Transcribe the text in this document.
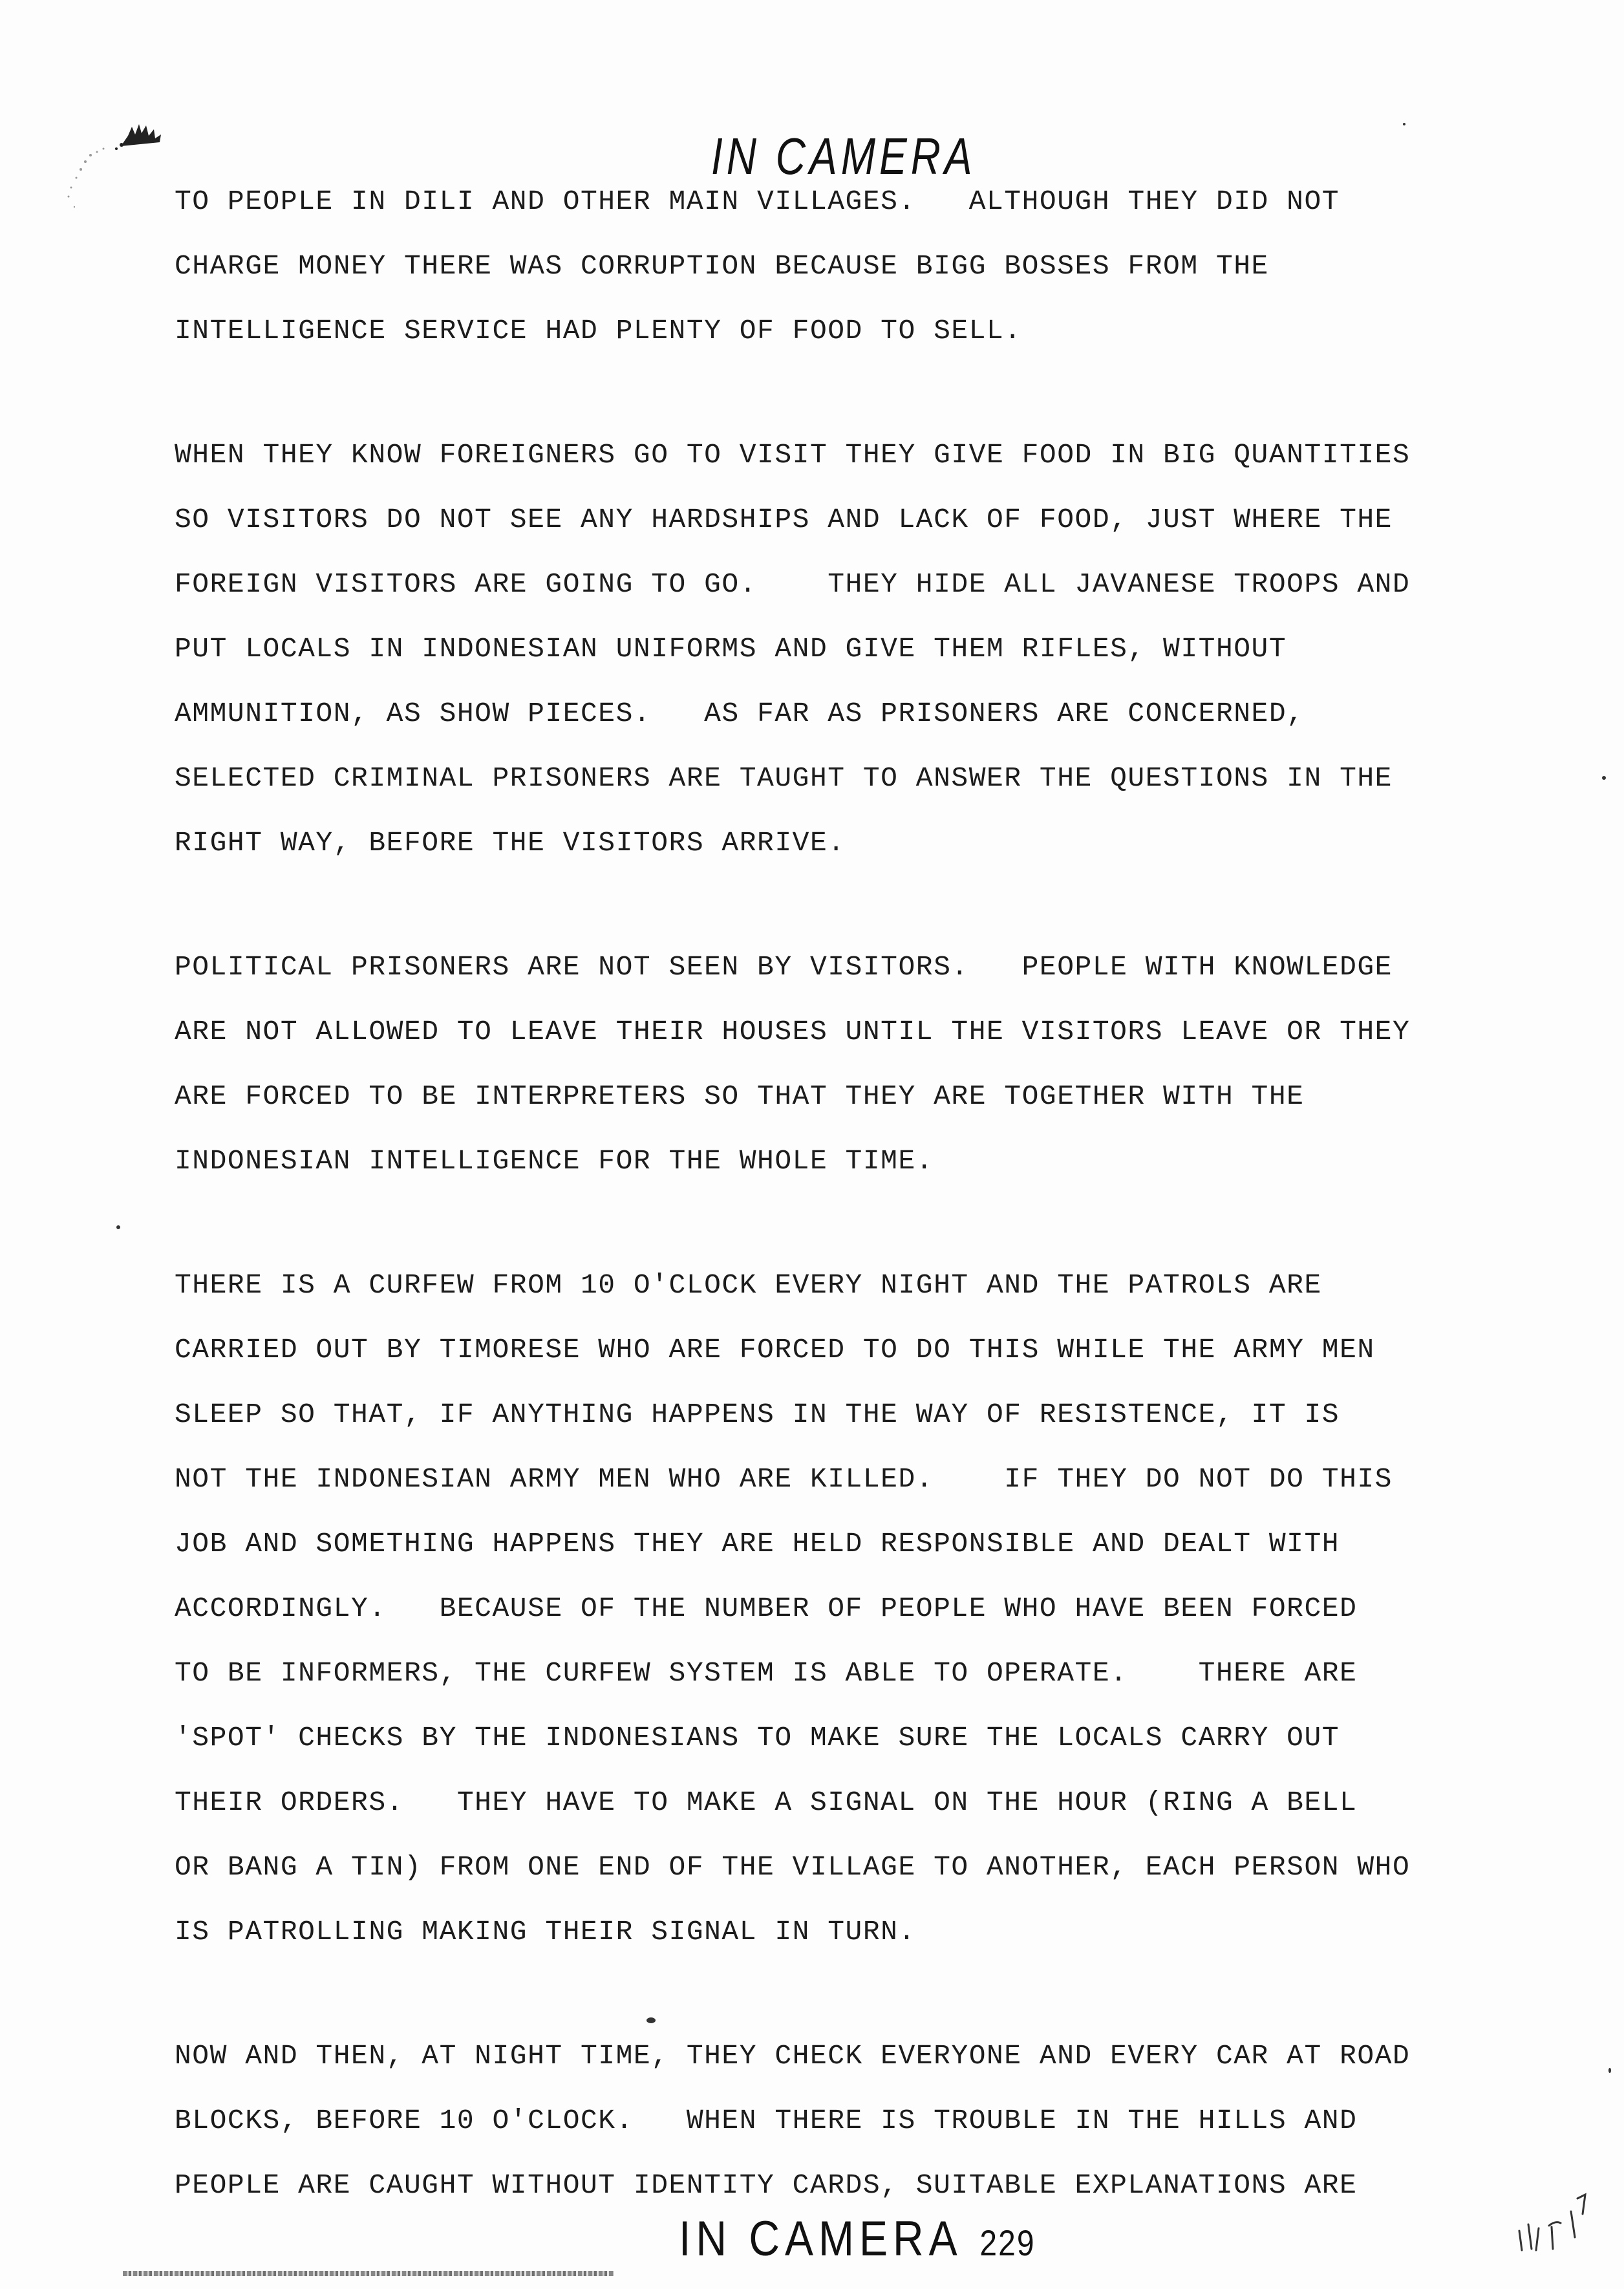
IN CAMERA
TO PEOPLE IN DILI AND OTHER MAIN VILLAGES.   ALTHOUGH THEY DID NOT
CHARGE MONEY THERE WAS CORRUPTION BECAUSE BIGG BOSSES FROM THE
INTELLIGENCE SERVICE HAD PLENTY OF FOOD TO SELL.
WHEN THEY KNOW FOREIGNERS GO TO VISIT THEY GIVE FOOD IN BIG QUANTITIES
SO VISITORS DO NOT SEE ANY HARDSHIPS AND LACK OF FOOD, JUST WHERE THE
FOREIGN VISITORS ARE GOING TO GO.    THEY HIDE ALL JAVANESE TROOPS AND
PUT LOCALS IN INDONESIAN UNIFORMS AND GIVE THEM RIFLES, WITHOUT
AMMUNITION, AS SHOW PIECES.   AS FAR AS PRISONERS ARE CONCERNED,
SELECTED CRIMINAL PRISONERS ARE TAUGHT TO ANSWER THE QUESTIONS IN THE
RIGHT WAY, BEFORE THE VISITORS ARRIVE.
POLITICAL PRISONERS ARE NOT SEEN BY VISITORS.   PEOPLE WITH KNOWLEDGE
ARE NOT ALLOWED TO LEAVE THEIR HOUSES UNTIL THE VISITORS LEAVE OR THEY
ARE FORCED TO BE INTERPRETERS SO THAT THEY ARE TOGETHER WITH THE
INDONESIAN INTELLIGENCE FOR THE WHOLE TIME.
THERE IS A CURFEW FROM 10 O'CLOCK EVERY NIGHT AND THE PATROLS ARE
CARRIED OUT BY TIMORESE WHO ARE FORCED TO DO THIS WHILE THE ARMY MEN
SLEEP SO THAT, IF ANYTHING HAPPENS IN THE WAY OF RESISTENCE, IT IS
NOT THE INDONESIAN ARMY MEN WHO ARE KILLED.    IF THEY DO NOT DO THIS
JOB AND SOMETHING HAPPENS THEY ARE HELD RESPONSIBLE AND DEALT WITH
ACCORDINGLY.   BECAUSE OF THE NUMBER OF PEOPLE WHO HAVE BEEN FORCED
TO BE INFORMERS, THE CURFEW SYSTEM IS ABLE TO OPERATE.    THERE ARE
'SPOT' CHECKS BY THE INDONESIANS TO MAKE SURE THE LOCALS CARRY OUT
THEIR ORDERS.   THEY HAVE TO MAKE A SIGNAL ON THE HOUR (RING A BELL
OR BANG A TIN) FROM ONE END OF THE VILLAGE TO ANOTHER, EACH PERSON WHO
IS PATROLLING MAKING THEIR SIGNAL IN TURN.
NOW AND THEN, AT NIGHT TIME, THEY CHECK EVERYONE AND EVERY CAR AT ROAD
BLOCKS, BEFORE 10 O'CLOCK.   WHEN THERE IS TROUBLE IN THE HILLS AND
PEOPLE ARE CAUGHT WITHOUT IDENTITY CARDS, SUITABLE EXPLANATIONS ARE
IN CAMERA 229
